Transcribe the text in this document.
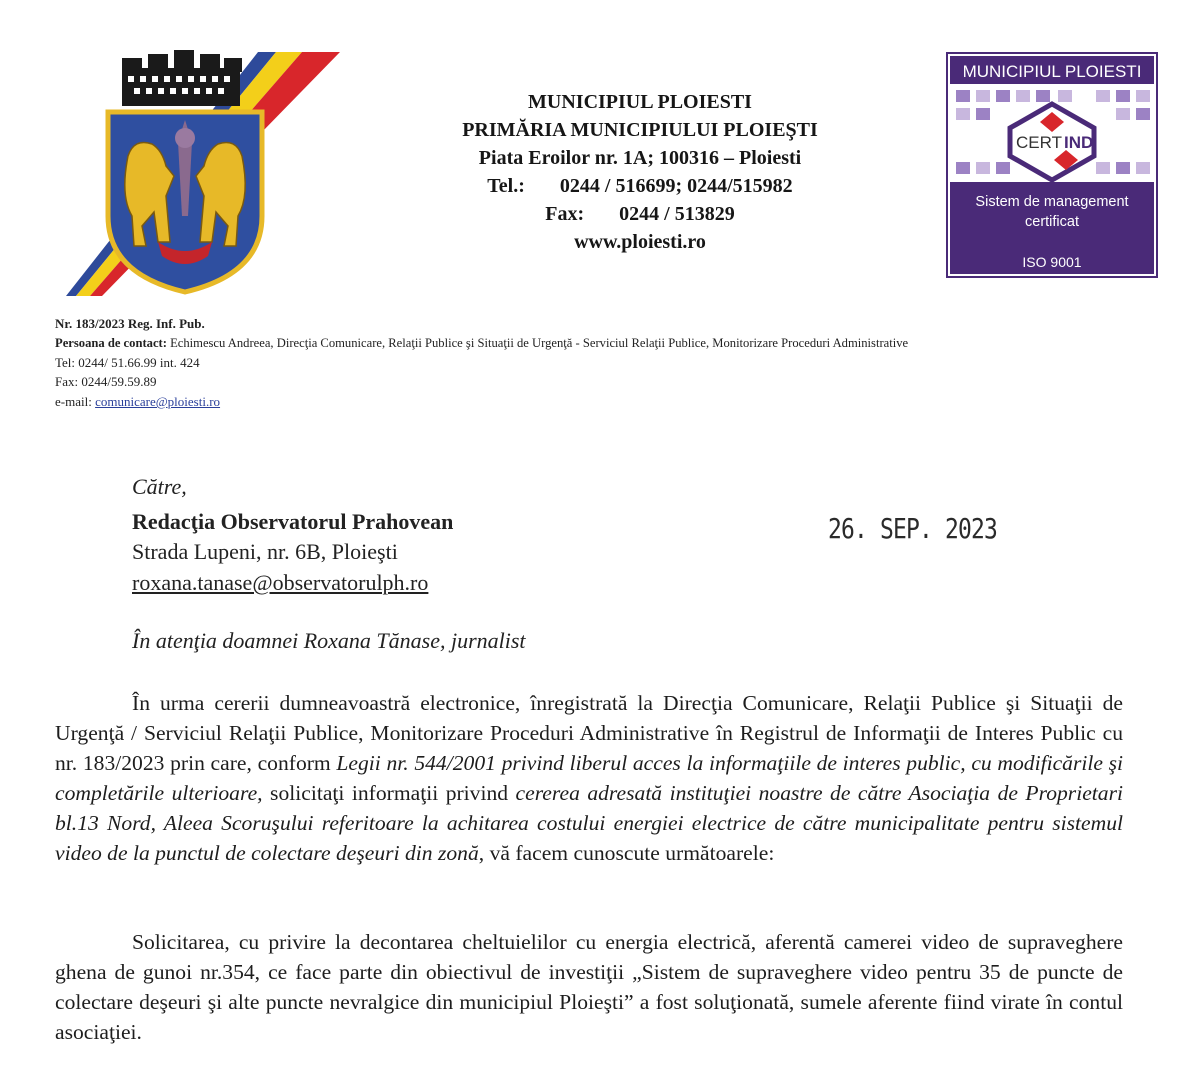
MUNICIPIUL PLOIESTI
PRIMĂRIA MUNICIPIULUI PLOIEŞTI
Piata Eroilor nr. 1A; 100316 – Ploiesti
Tel.: 0244 / 516699; 0244/515982
Fax: 0244 / 513829
www.ploiesti.ro
MUNICIPIUL PLOIESTI
CERT IND
Sistem de management
certificat
ISO 9001
Nr. 183/2023 Reg. Inf. Pub.
Persoana de contact: Echimescu Andreea, Direcţia Comunicare, Relaţii Publice şi Situaţii de Urgenţă - Serviciul Relaţii Publice, Monitorizare Proceduri Administrative
Tel: 0244/ 51.66.99 int. 424
Fax: 0244/59.59.89
e-mail: comunicare@ploiesti.ro
Către,
Redacţia Observatorul Prahovean
Strada Lupeni, nr. 6B, Ploieşti
roxana.tanase@observatorulph.ro
26. SEP. 2023
În atenţia doamnei Roxana Tănase, jurnalist
În urma cererii dumneavoastră electronice, înregistrată la Direcţia Comunicare, Relaţii Publice şi Situaţii de Urgenţă / Serviciul Relaţii Publice, Monitorizare Proceduri Administrative în Registrul de Informaţii de Interes Public cu nr. 183/2023 prin care, conform Legii nr. 544/2001 privind liberul acces la informaţiile de interes public, cu modificările şi completările ulterioare, solicitaţi informaţii privind cererea adresată instituţiei noastre de către Asociaţia de Proprietari bl.13 Nord, Aleea Scoruşului referitoare la achitarea costului energiei electrice de către municipalitate pentru sistemul video de la punctul de colectare deşeuri din zonă, vă facem cunoscute următoarele:
Solicitarea, cu privire la decontarea cheltuielilor cu energia electrică, aferentă camerei video de supraveghere ghena de gunoi nr.354, ce face parte din obiectivul de investiţii „Sistem de supraveghere video pentru 35 de puncte de colectare deşeuri şi alte puncte nevralgice din municipiul Ploieşti” a fost soluţionată, sumele aferente fiind virate în contul asociaţiei.
